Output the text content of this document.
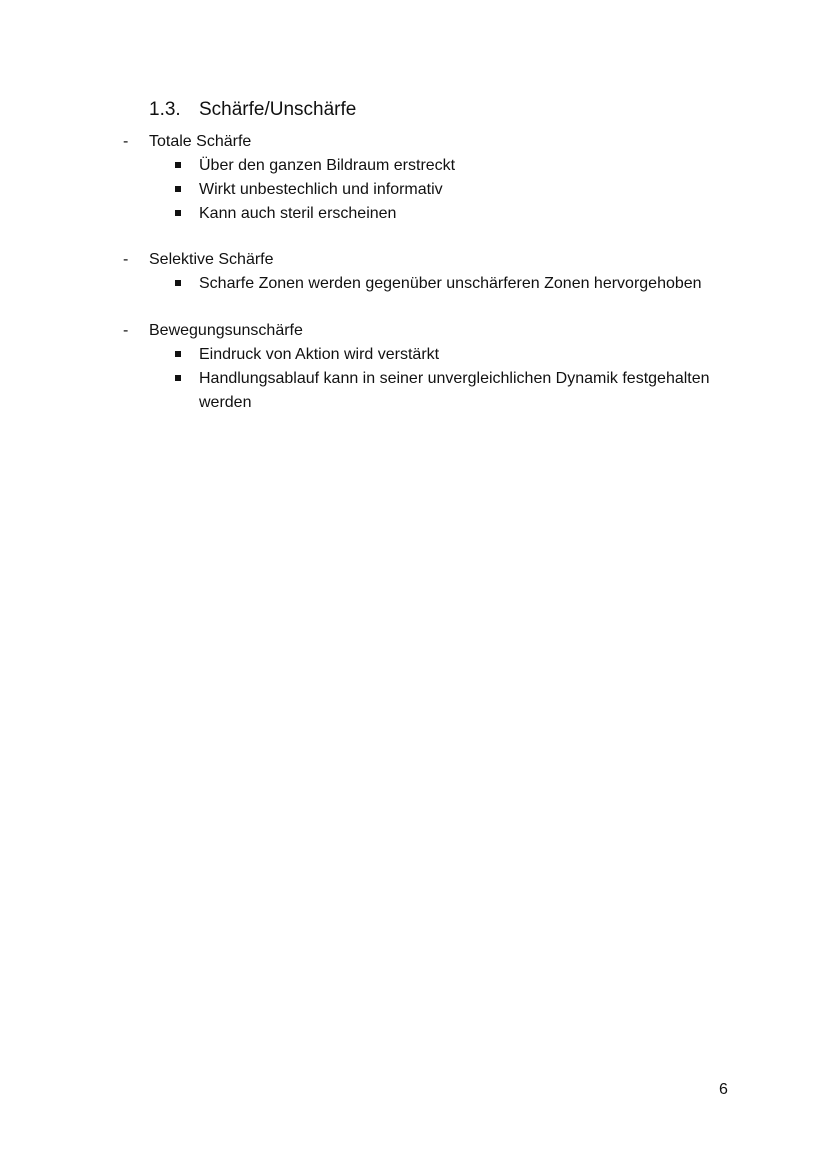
1.3. Schärfe/Unschärfe
- Totale Schärfe
Über den ganzen Bildraum erstreckt
Wirkt unbestechlich und informativ
Kann auch steril erscheinen
- Selektive Schärfe
Scharfe Zonen werden gegenüber unschärferen Zonen hervorgehoben
- Bewegungsunschärfe
Eindruck von Aktion wird verstärkt
Handlungsablauf kann in seiner unvergleichlichen Dynamik festgehalten werden
6
